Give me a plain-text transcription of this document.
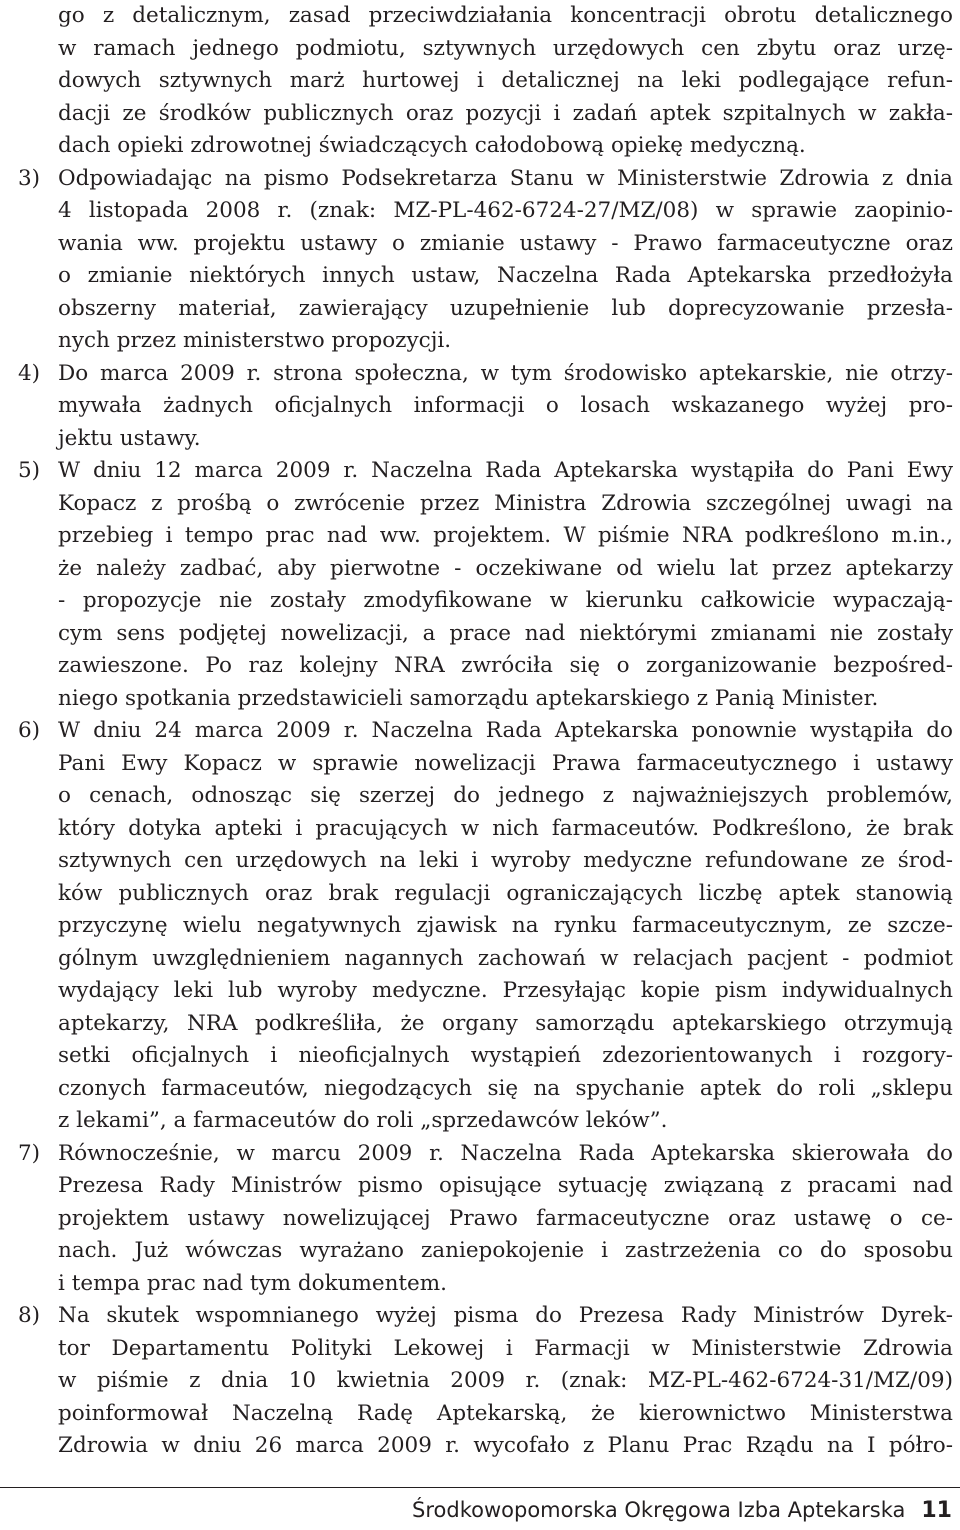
go z detalicznym, zasad przeciwdziałania koncentracji obrotu detalicznego
w ramach jednego podmiotu, sztywnych urzędowych cen zbytu oraz urzę-
dowych sztywnych marż hurtowej i detalicznej na leki podlegające refun-
dacji ze środków publicznych oraz pozycji i zadań aptek szpitalnych w zakła-
dach opieki zdrowotnej świadczących całodobową opiekę medyczną.
3) Odpowiadając na pismo Podsekretarza Stanu w Ministerstwie Zdrowia z dnia
4 listopada 2008 r. (znak: MZ-PL-462-6724-27/MZ/08) w sprawie zaopinio-
wania ww. projektu ustawy o zmianie ustawy - Prawo farmaceutyczne oraz
o zmianie niektórych innych ustaw, Naczelna Rada Aptekarska przedłożyła
obszerny materiał, zawierający uzupełnienie lub doprecyzowanie przesła-
nych przez ministerstwo propozycji.
4) Do marca 2009 r. strona społeczna, w tym środowisko aptekarskie, nie otrzy-
mywała żadnych oficjalnych informacji o losach wskazanego wyżej pro-
jektu ustawy.
5) W dniu 12 marca 2009 r. Naczelna Rada Aptekarska wystąpiła do Pani Ewy
Kopacz z prośbą o zwrócenie przez Ministra Zdrowia szczególnej uwagi na
przebieg i tempo prac nad ww. projektem. W piśmie NRA podkreślono m.in.,
że należy zadbać, aby pierwotne - oczekiwane od wielu lat przez aptekarzy
- propozycje nie zostały zmodyfikowane w kierunku całkowicie wypaczają-
cym sens podjętej nowelizacji, a prace nad niektórymi zmianami nie zostały
zawieszone. Po raz kolejny NRA zwróciła się o zorganizowanie bezpośred-
niego spotkania przedstawicieli samorządu aptekarskiego z Panią Minister.
6) W dniu 24 marca 2009 r. Naczelna Rada Aptekarska ponownie wystąpiła do
Pani Ewy Kopacz w sprawie nowelizacji Prawa farmaceutycznego i ustawy
o cenach, odnosząc się szerzej do jednego z najważniejszych problemów,
który dotyka apteki i pracujących w nich farmaceutów. Podkreślono, że brak
sztywnych cen urzędowych na leki i wyroby medyczne refundowane ze środ-
ków publicznych oraz brak regulacji ograniczających liczbę aptek stanowią
przyczynę wielu negatywnych zjawisk na rynku farmaceutycznym, ze szcze-
gólnym uwzględnieniem nagannych zachowań w relacjach pacjent - podmiot
wydający leki lub wyroby medyczne. Przesyłając kopie pism indywidualnych
aptekarzy, NRA podkreśliła, że organy samorządu aptekarskiego otrzymują
setki oficjalnych i nieoficjalnych wystąpień zdezorientowanych i rozgory-
czonych farmaceutów, niegodzących się na spychanie aptek do roli „sklepu
z lekami”, a farmaceutów do roli „sprzedawców leków”.
7) Równocześnie, w marcu 2009 r. Naczelna Rada Aptekarska skierowała do
Prezesa Rady Ministrów pismo opisujące sytuację związaną z pracami nad
projektem ustawy nowelizującej Prawo farmaceutyczne oraz ustawę o ce-
nach. Już wówczas wyrażano zaniepokojenie i zastrzeżenia co do sposobu
i tempa prac nad tym dokumentem.
8) Na skutek wspomnianego wyżej pisma do Prezesa Rady Ministrów Dyrek-
tor Departamentu Polityki Lekowej i Farmacji w Ministerstwie Zdrowia
w piśmie z dnia 10 kwietnia 2009 r. (znak: MZ-PL-462-6724-31/MZ/09)
poinformował Naczelną Radę Aptekarską, że kierownictwo Ministerstwa
Zdrowia w dniu 26 marca 2009 r. wycofało z Planu Prac Rządu na I półro-
Środkowopomorska Okręgowa Izba Aptekarska 11
